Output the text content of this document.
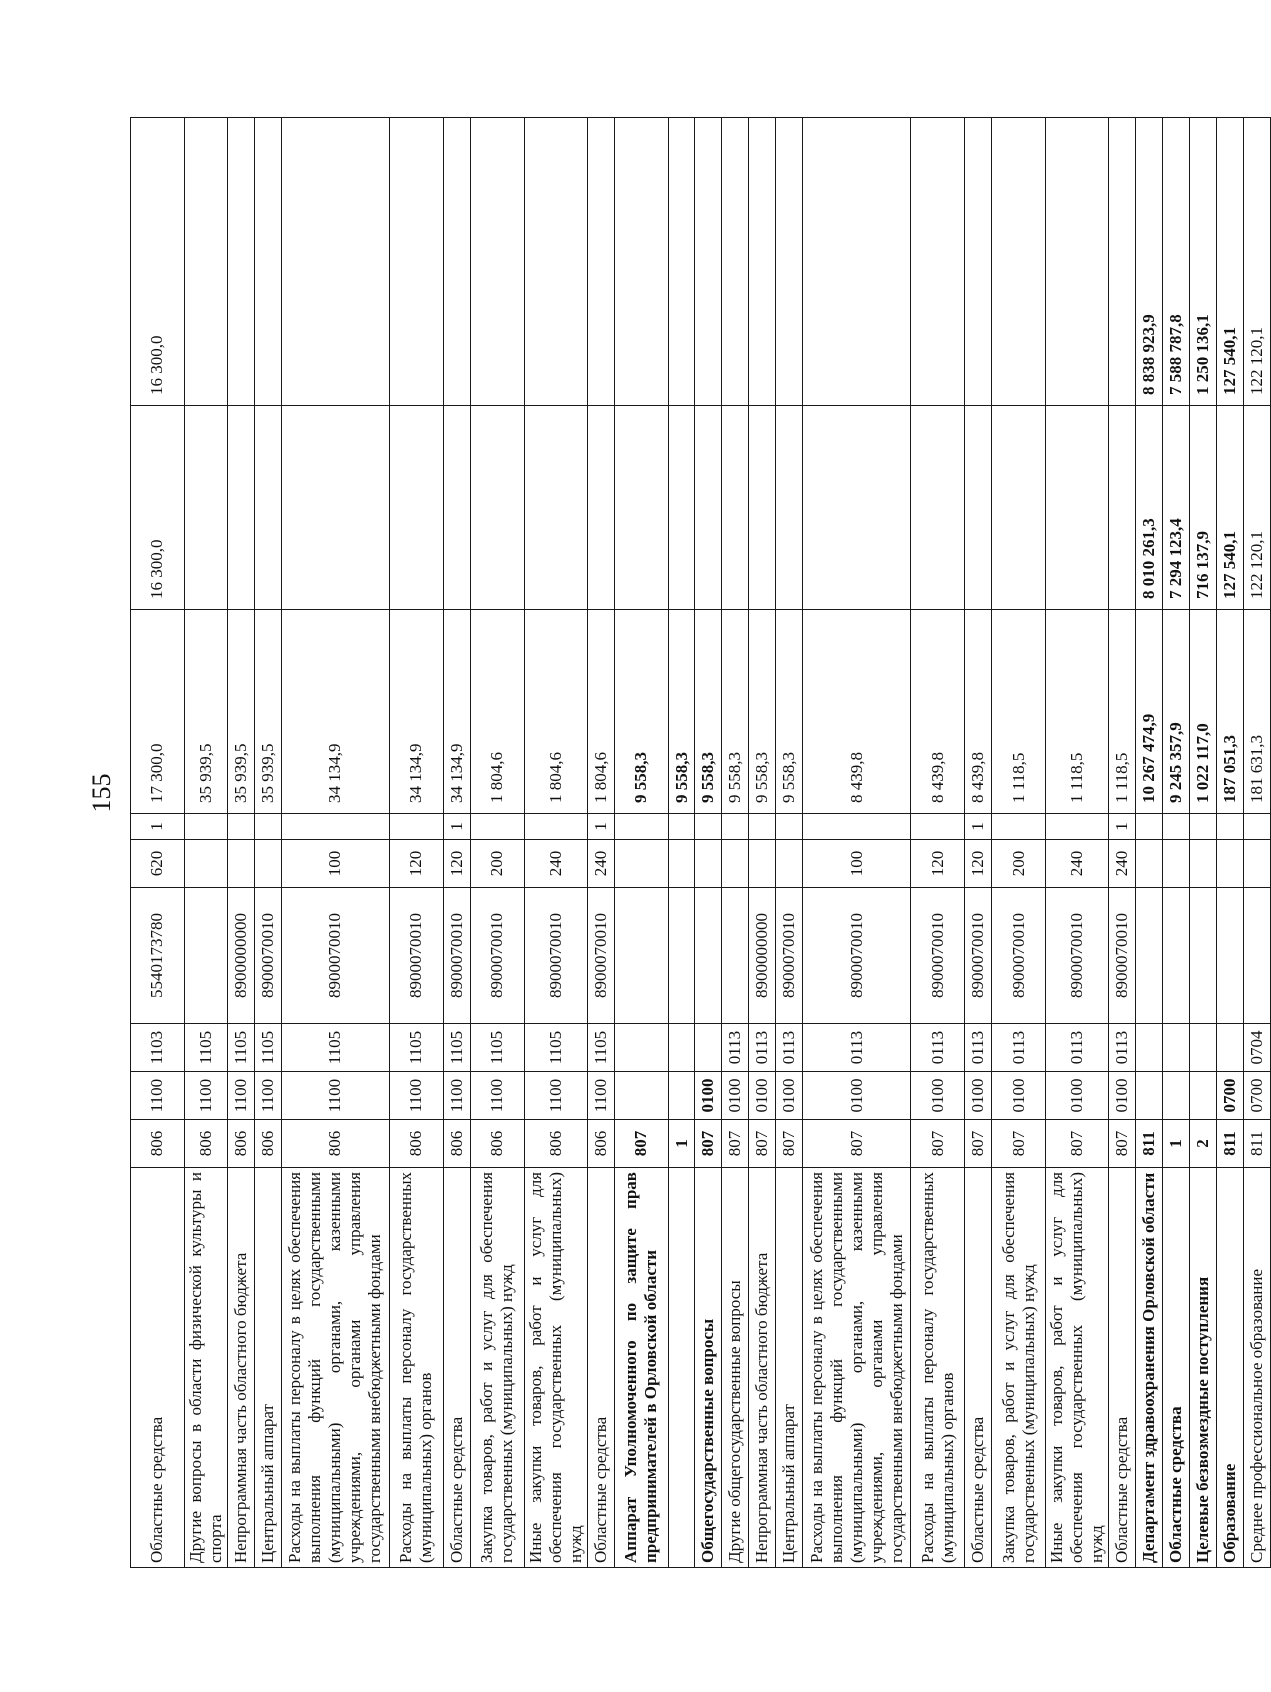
155
Областные средства	806	1100	1103	5540173780	620	1	17 300,0	16 300,0	16 300,0
Другие вопросы в области физической культуры и спорта	806	1100	1105				35 939,5		
Непрограммная часть областного бюджета	806	1100	1105	8900000000			35 939,5		
Центральный аппарат	806	1100	1105	8900070010			35 939,5		
Расходы на выплаты персоналу в целях обеспечения выполнения функций государственными (муниципальными) органами, казенными учреждениями, органами управления государственными внебюджетными фондами	806	1100	1105	8900070010	100		34 134,9		
Расходы на выплаты персоналу государственных (муниципальных) органов	806	1100	1105	8900070010	120		34 134,9		
Областные средства	806	1100	1105	8900070010	120	1	34 134,9		
Закупка товаров, работ и услуг для обеспечения государственных (муниципальных) нужд	806	1100	1105	8900070010	200		1 804,6		
Иные закупки товаров, работ и услуг для обеспечения государственных (муниципальных) нужд	806	1100	1105	8900070010	240		1 804,6		
Областные средства	806	1100	1105	8900070010	240	1	1 804,6		
Аппарат Уполномоченного по защите прав предпринимателей в Орловской области	807						9 558,3		
	1						9 558,3		
Общегосударственные вопросы	807	0100					9 558,3		
Другие общегосударственные вопросы	807	0100	0113				9 558,3		
Непрограммная часть областного бюджета	807	0100	0113	8900000000			9 558,3		
Центральный аппарат	807	0100	0113	8900070010			9 558,3		
Расходы на выплаты персоналу в целях обеспечения выполнения функций государственными (муниципальными) органами, казенными учреждениями, органами управления государственными внебюджетными фондами	807	0100	0113	8900070010	100		8 439,8		
Расходы на выплаты персоналу государственных (муниципальных) органов	807	0100	0113	8900070010	120		8 439,8		
Областные средства	807	0100	0113	8900070010	120	1	8 439,8		
Закупка товаров, работ и услуг для обеспечения государственных (муниципальных) нужд	807	0100	0113	8900070010	200		1 118,5		
Иные закупки товаров, работ и услуг для обеспечения государственных (муниципальных) нужд	807	0100	0113	8900070010	240		1 118,5		
Областные средства	807	0100	0113	8900070010	240	1	1 118,5		
Департамент здравоохранения Орловской области	811						10 267 474,9	8 010 261,3	8 838 923,9
Областные средства	1						9 245 357,9	7 294 123,4	7 588 787,8
Целевые безвозмездные поступления	2						1 022 117,0	716 137,9	1 250 136,1
Образование	811	0700					187 051,3	127 540,1	127 540,1
Среднее профессиональное образование	811	0700	0704				181 631,3	122 120,1	122 120,1
